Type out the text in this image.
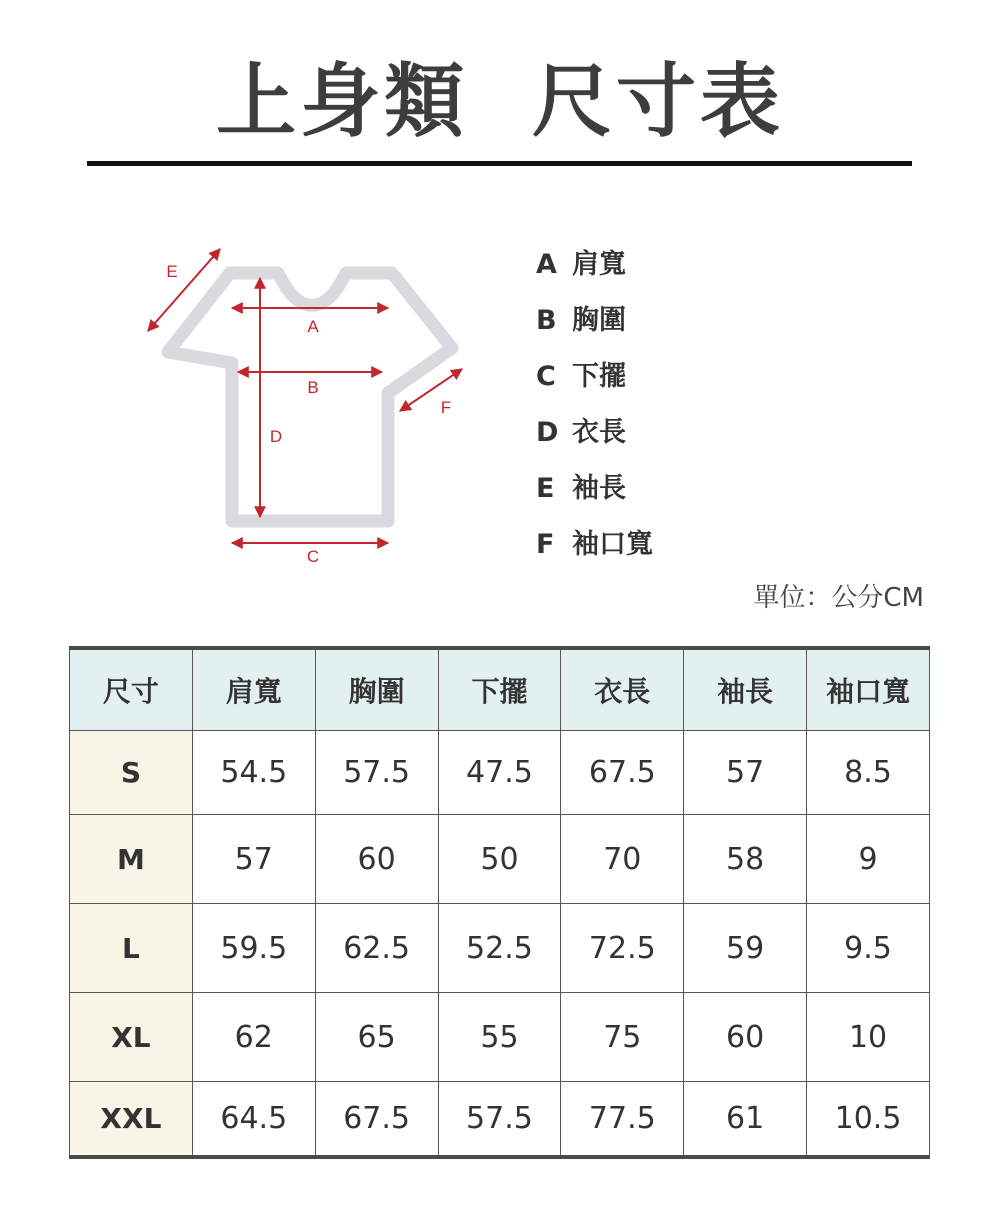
上身類  尺寸表
A
B
C
D
E
F
A 肩寬
B 胸圍
C 下擺
D 衣長
E 袖長
F 袖口寬
單位：公分CM
尺寸	肩寬	胸圍	下擺	衣長	袖長	袖口寬
S	54.5	57.5	47.5	67.5	57	8.5
M	57	60	50	70	58	9
L	59.5	62.5	52.5	72.5	59	9.5
XL	62	65	55	75	60	10
XXL	64.5	67.5	57.5	77.5	61	10.5
